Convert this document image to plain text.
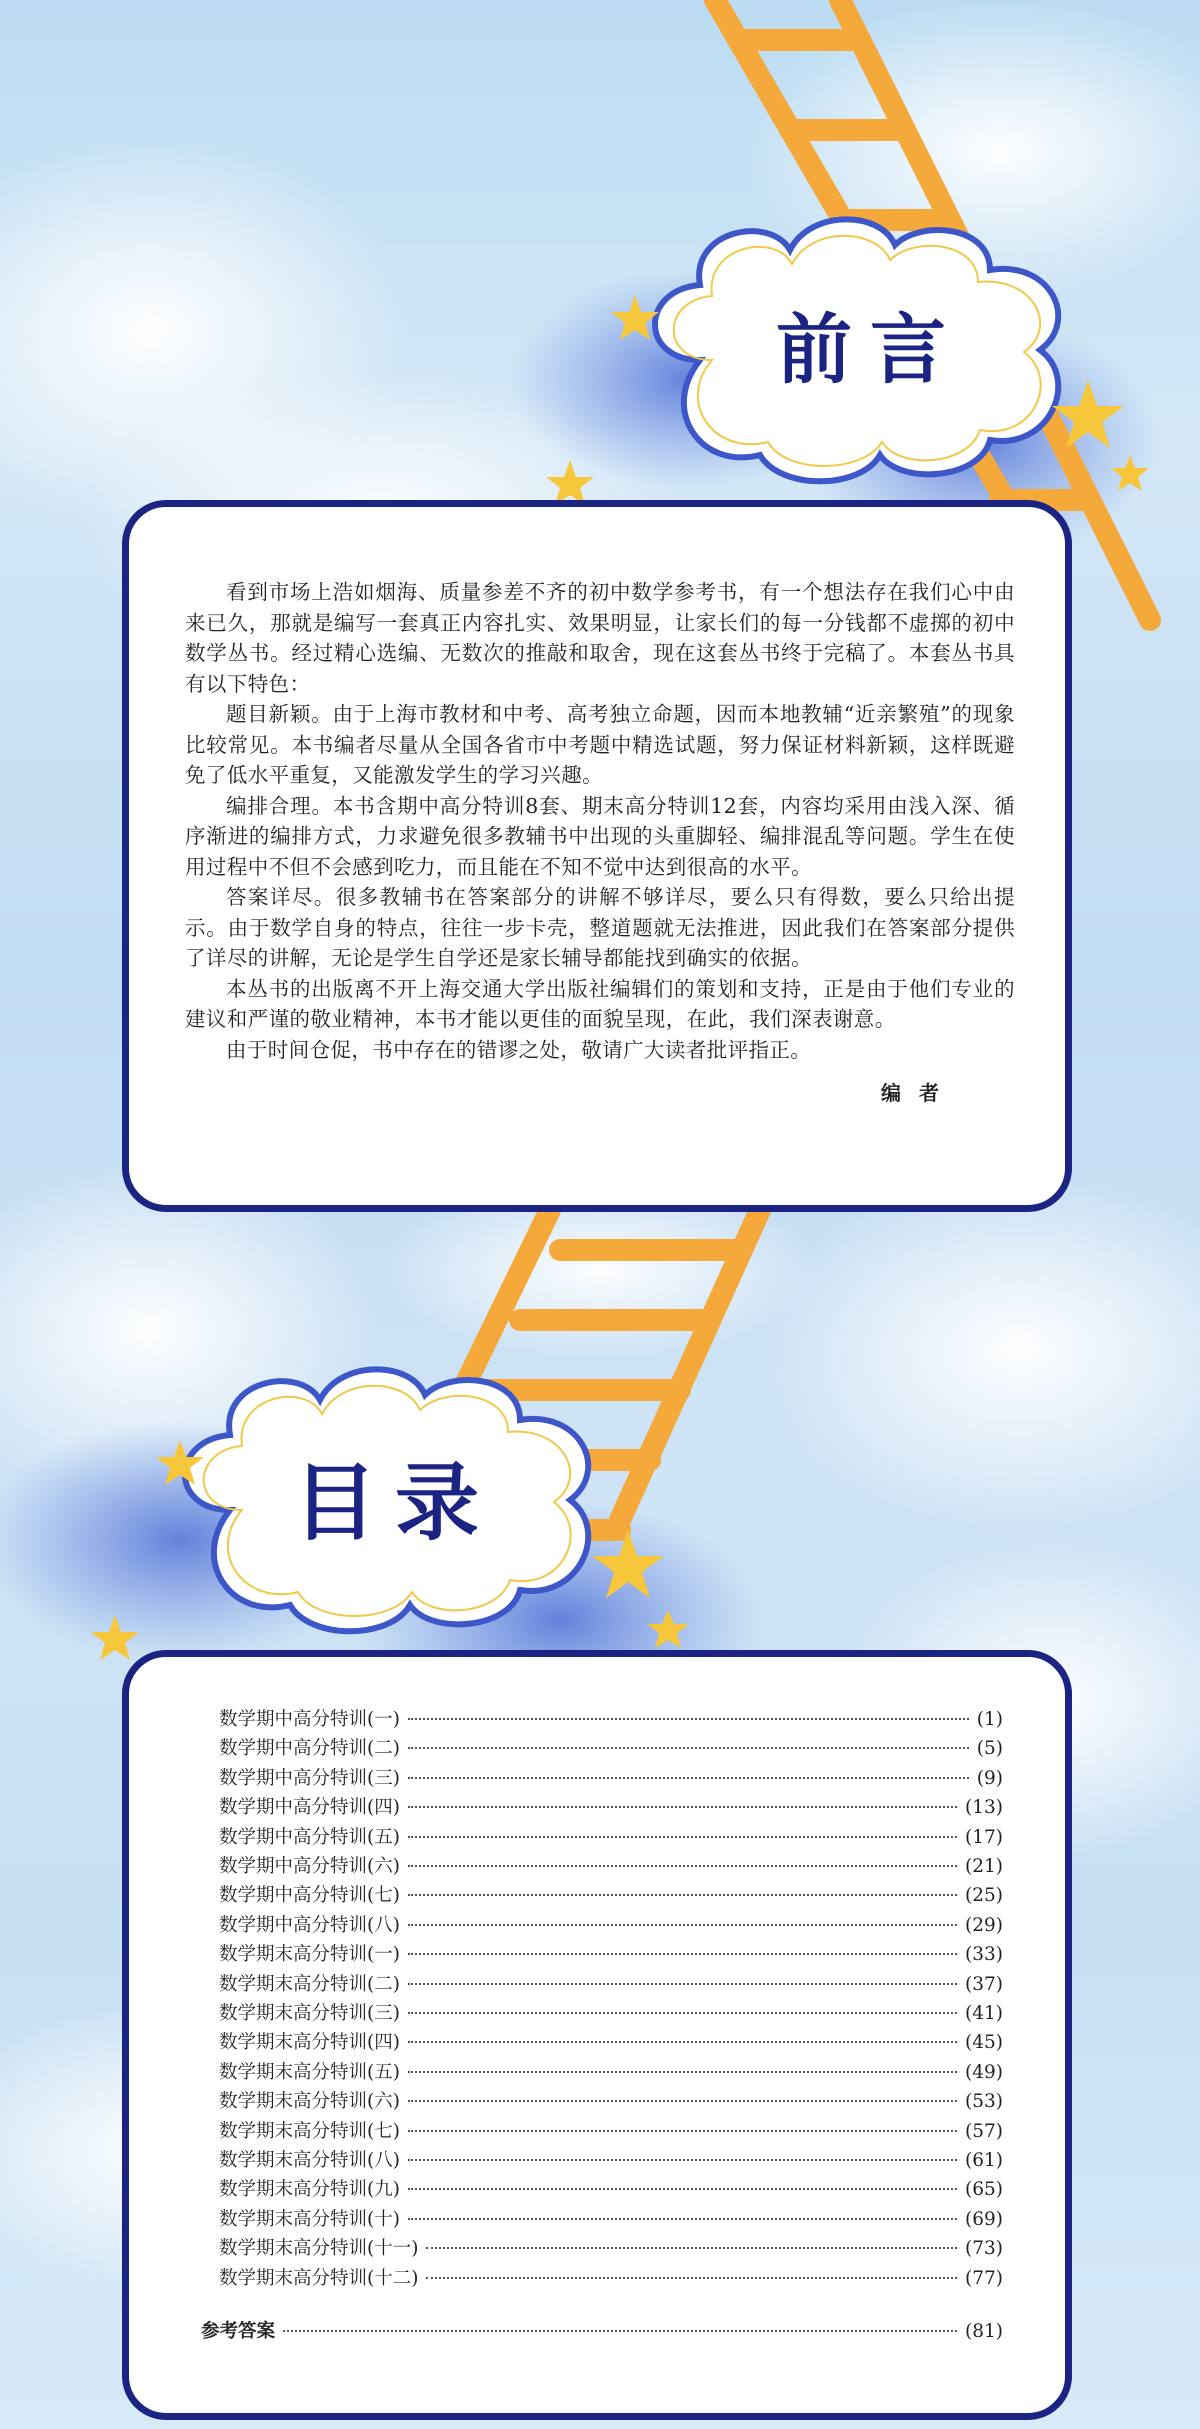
前言

看到市场上浩如烟海、质量参差不齐的初中数学参考书，有一个想法存在我们心中由来已久，那就是编写一套真正内容扎实、效果明显，让家长们的每一分钱都不虚掷的初中数学丛书。经过精心选编、无数次的推敲和取舍，现在这套丛书终于完稿了。本套丛书具有以下特色：

题目新颖。由于上海市教材和中考、高考独立命题，因而本地教辅“近亲繁殖”的现象比较常见。本书编者尽量从全国各省市中考题中精选试题，努力保证材料新颖，这样既避免了低水平重复，又能激发学生的学习兴趣。

编排合理。本书含期中高分特训8套、期末高分特训12套，内容均采用由浅入深、循序渐进的编排方式，力求避免很多教辅书中出现的头重脚轻、编排混乱等问题。学生在使用过程中不但不会感到吃力，而且能在不知不觉中达到很高的水平。

答案详尽。很多教辅书在答案部分的讲解不够详尽，要么只有得数，要么只给出提示。由于数学自身的特点，往往一步卡壳，整道题就无法推进，因此我们在答案部分提供了详尽的讲解，无论是学生自学还是家长辅导都能找到确实的依据。

本丛书的出版离不开上海交通大学出版社编辑们的策划和支持，正是由于他们专业的建议和严谨的敬业精神，本书才能以更佳的面貌呈现，在此，我们深表谢意。

由于时间仓促，书中存在的错谬之处，敬请广大读者批评指正。

编者
目录
数学期中高分特训(一)	(1)
数学期中高分特训(二)	(5)
数学期中高分特训(三)	(9)
数学期中高分特训(四)	(13)
数学期中高分特训(五)	(17)
数学期中高分特训(六)	(21)
数学期中高分特训(七)	(25)
数学期中高分特训(八)	(29)
数学期末高分特训(一)	(33)
数学期末高分特训(二)	(37)
数学期末高分特训(三)	(41)
数学期末高分特训(四)	(45)
数学期末高分特训(五)	(49)
数学期末高分特训(六)	(53)
数学期末高分特训(七)	(57)
数学期末高分特训(八)	(61)
数学期末高分特训(九)	(65)
数学期末高分特训(十)	(69)
数学期末高分特训(十一)	(73)
数学期末高分特训(十二)	(77)
参考答案	(81)
